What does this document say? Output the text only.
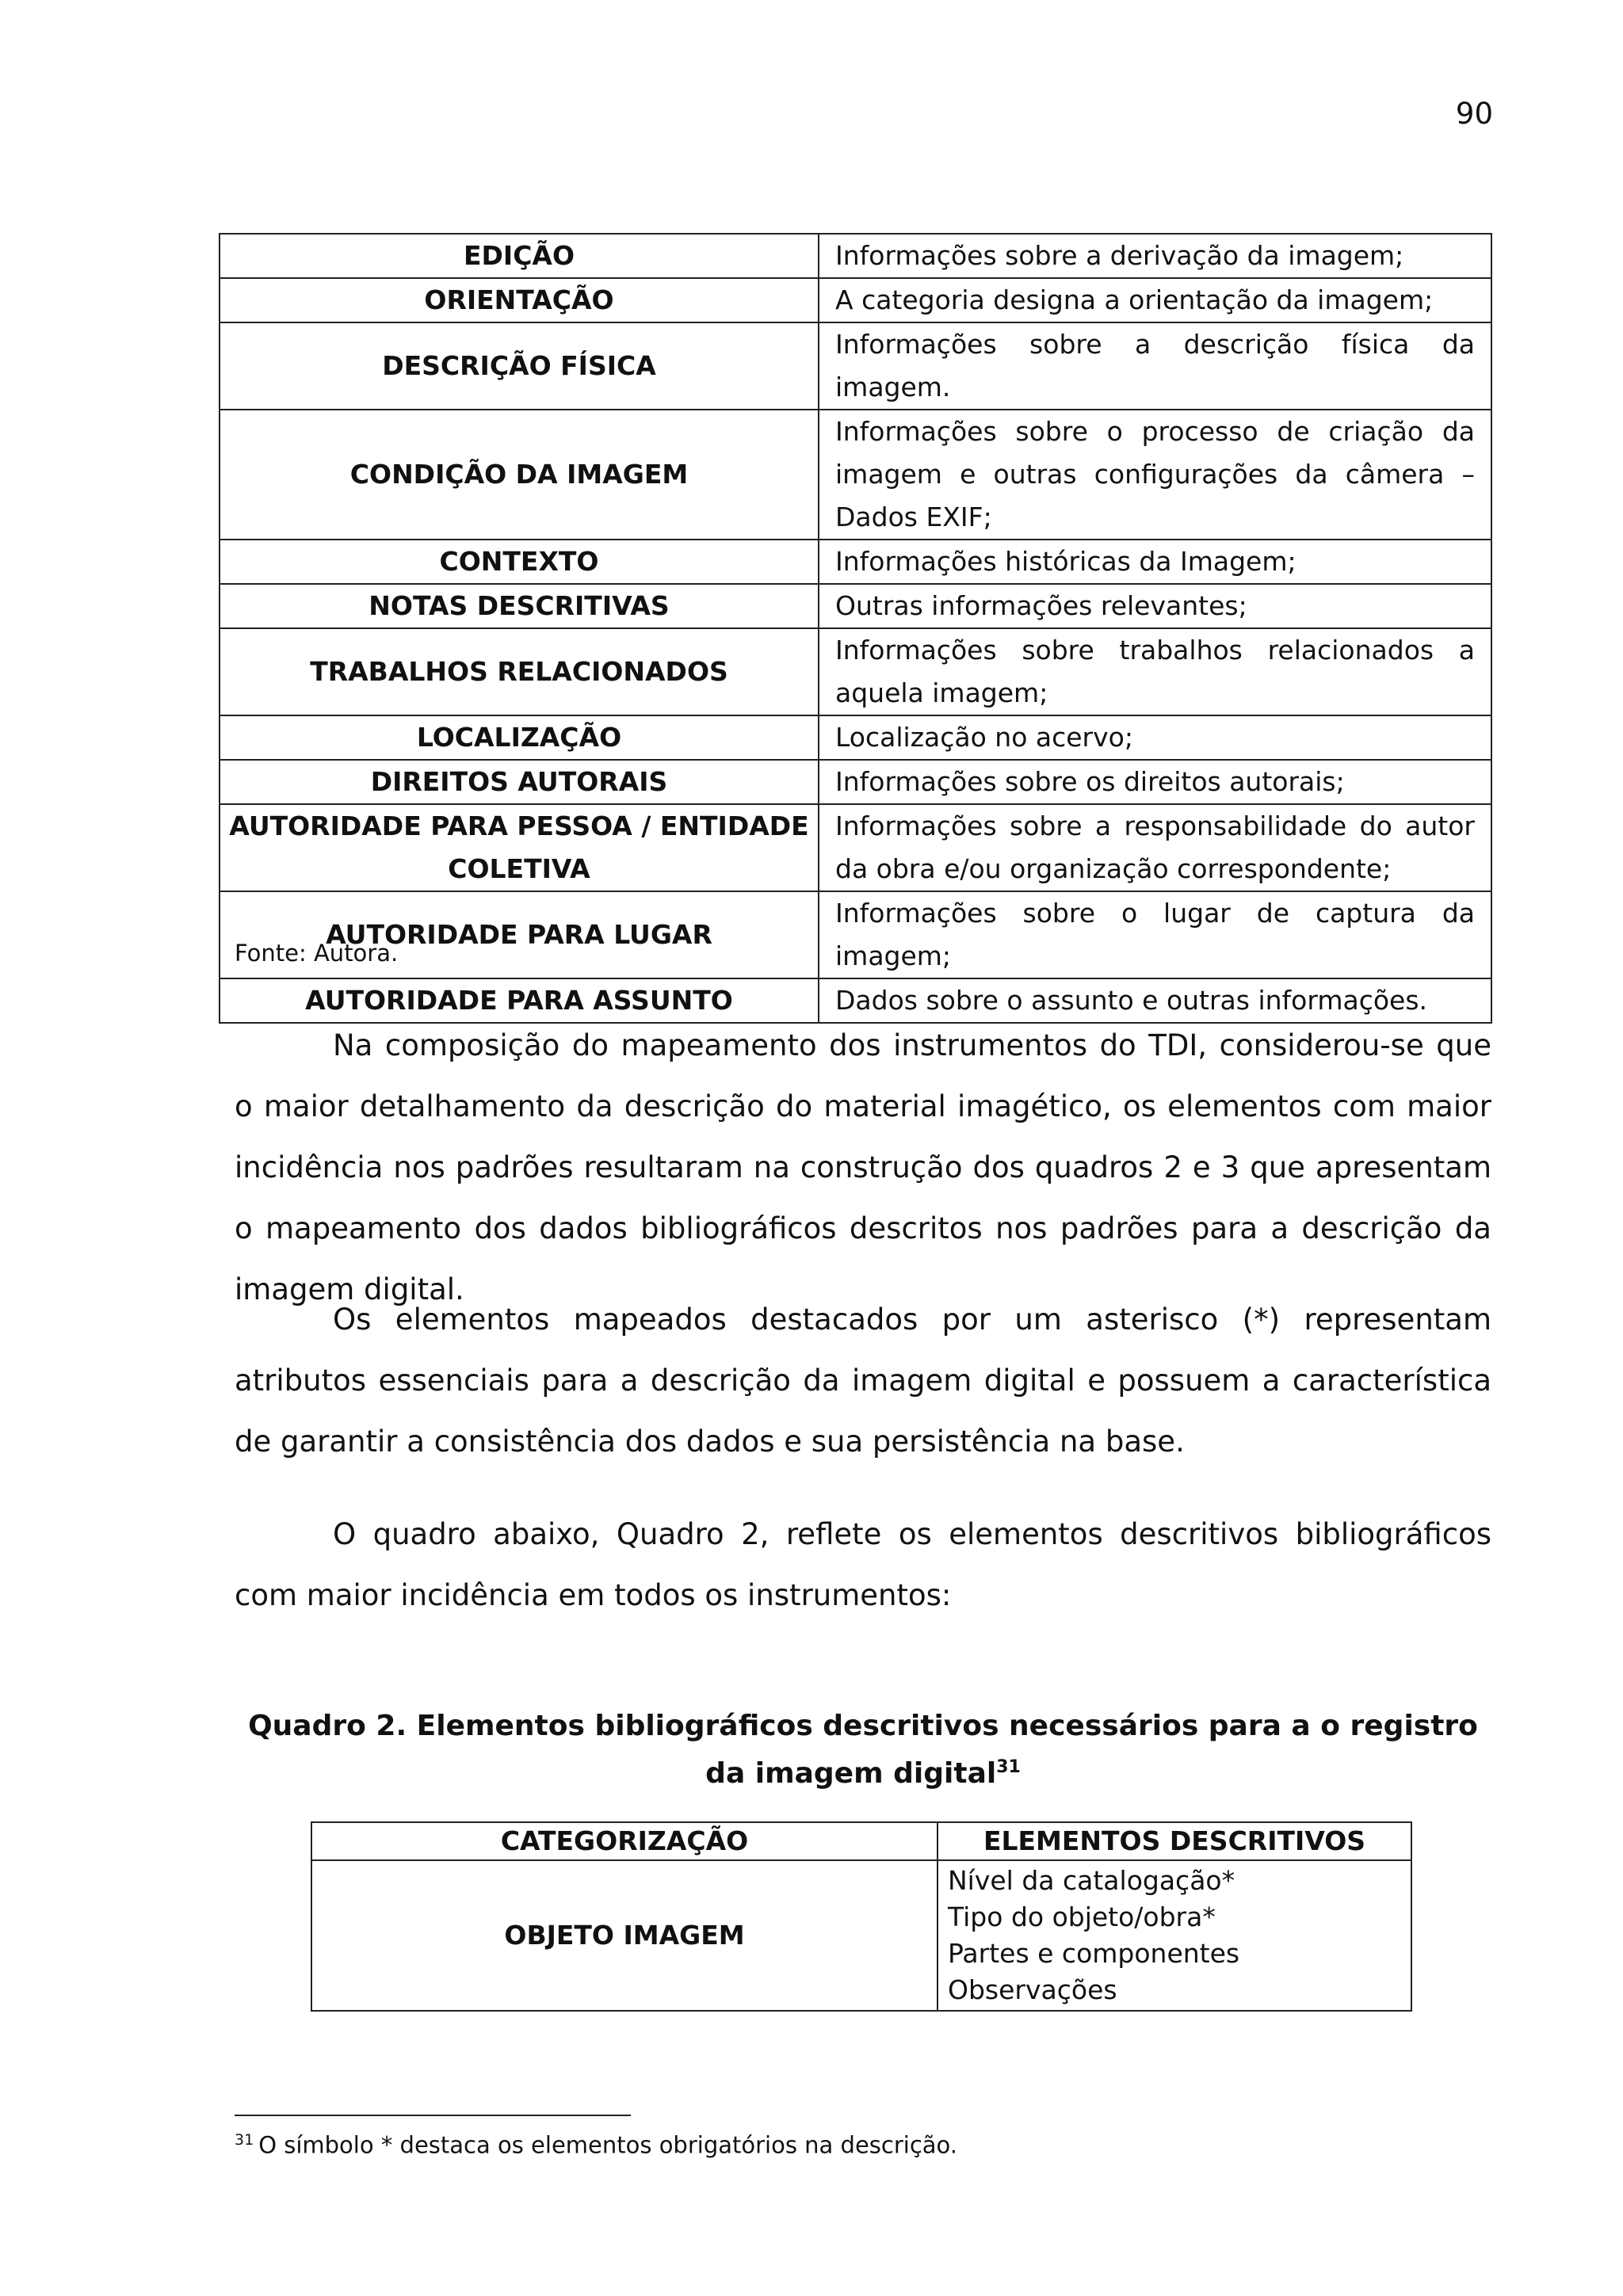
90
EDIÇÃO	Informações sobre a derivação da imagem;
ORIENTAÇÃO	A categoria designa a orientação da imagem;
DESCRIÇÃO FÍSICA	Informações sobre a descrição física da imagem.
CONDIÇÃO DA IMAGEM	Informações sobre o processo de criação da imagem e outras configurações da câmera – Dados EXIF;
CONTEXTO	Informações históricas da Imagem;
NOTAS DESCRITIVAS	Outras informações relevantes;
TRABALHOS RELACIONADOS	Informações sobre trabalhos relacionados a aquela imagem;
LOCALIZAÇÃO	Localização no acervo;
DIREITOS AUTORAIS	Informações sobre os direitos autorais;
AUTORIDADE PARA PESSOA / ENTIDADE COLETIVA	Informações sobre a responsabilidade do autor da obra e/ou organização correspondente;
AUTORIDADE PARA LUGAR	Informações sobre o lugar de captura da imagem;
AUTORIDADE PARA ASSUNTO	Dados sobre o assunto e outras informações.
Fonte: Autora.

Na composição do mapeamento dos instrumentos do TDI, considerou-se que o maior detalhamento da descrição do material imagético, os elementos com maior incidência nos padrões resultaram na construção dos quadros 2 e 3 que apresentam o mapeamento dos dados bibliográficos descritos nos padrões para a descrição da imagem digital.

Os elementos mapeados destacados por um asterisco (*) representam atributos essenciais para a descrição da imagem digital e possuem a característica de garantir a consistência dos dados e sua persistência na base.

O quadro abaixo, Quadro 2, reflete os elementos descritivos bibliográficos com maior incidência em todos os instrumentos:

Quadro 2. Elementos bibliográficos descritivos necessários para a o registro da imagem digital$^{31}$

CATEGORIZAÇÃO	ELEMENTOS DESCRITIVOS
OBJETO IMAGEM	Nível da catalogação*
Tipo do objeto/obra*
Partes e componentes
Observações
$^{31}$ O símbolo * destaca os elementos obrigatórios na descrição.
